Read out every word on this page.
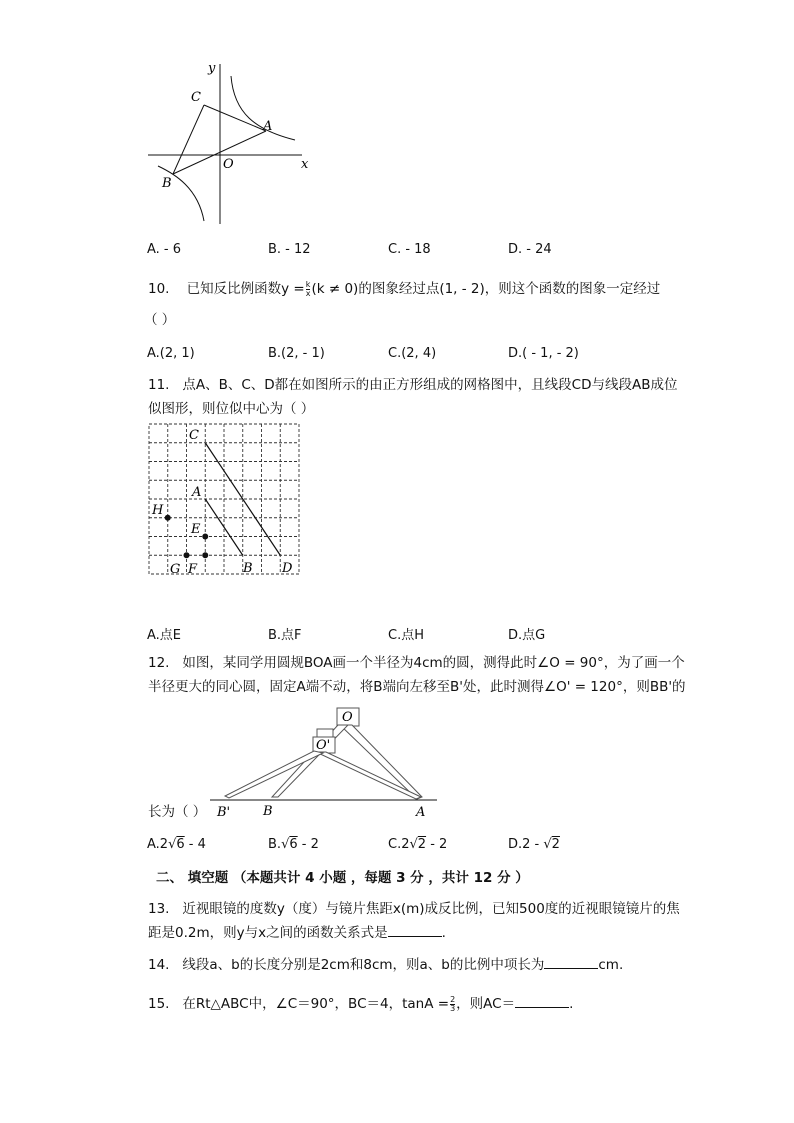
y
x
O
A
B
C
A. - 6	B. - 12	C. - 18	D. - 24
10. 已知反比例函数$y = \frac{k}{x} (k \ne 0)$的图象经过点(1, - 2)，则这个函数的图象一定经过
（ ）
A.(2, 1)	B.(2, - 1)	C.(2, 4)	D.( - 1, - 2)
11. 点A、B、C、D都在如图所示的由正方形组成的网格图中，且线段CD与线段AB成位
似图形，则位似中心为（ ）
C
A
H
E
G F	B D
A.点E	B.点F	C.点H	D.点G
12. 如图，某同学用圆规BOA画一个半径为4cm的圆，测得此时∠O = 90°，为了画一个
半径更大的同心圆，固定A端不动，将B端向左移至B'处，此时测得∠O' = 120°，则BB'的
O
O'
B'	B	A
长为（ ）
A.2√6 - 4	B.√6 - 2	C.2√2 - 2	D.2 - √2
二、 填空题 （本题共计 4 小题 ，每题 3 分 ，共计 12 分 ）
13. 近视眼镜的度数y（度）与镜片焦距x(m)成反比例，已知500度的近视眼镜镜片的焦
距是0.2m，则y与x之间的函数关系式是	.
14. 线段a、b的长度分别是2cm和8cm，则a、b的比例中项长为	cm.
15. 在Rt△ABC中，∠C＝90°，BC＝4，$\tan A = \frac{2}{3}$ ，则AC＝	.
